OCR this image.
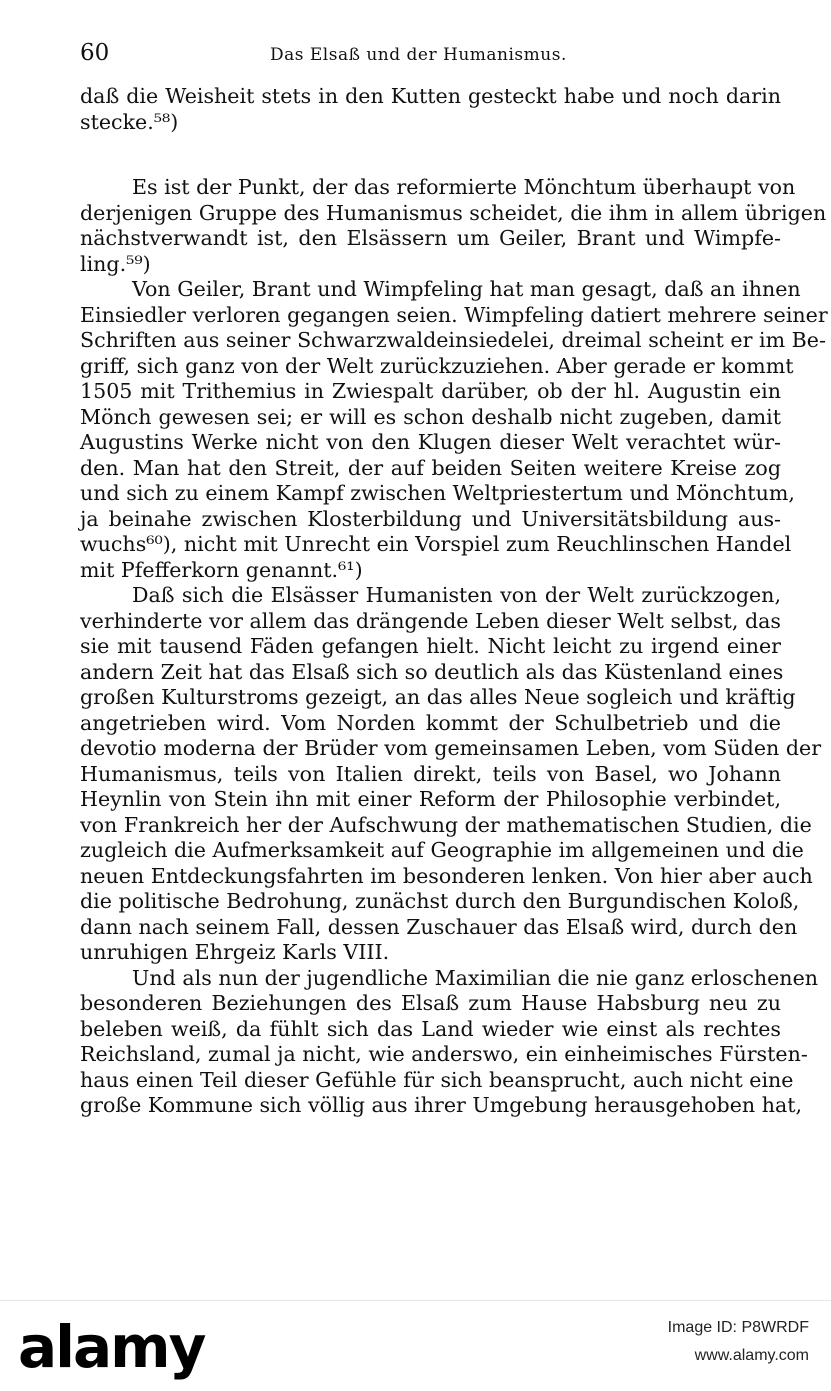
60	Das Elsaß und der Humanismus.
daß die Weisheit stets in den Kutten gesteckt habe und noch darin
stecke.⁵⁸)
Es ist der Punkt, der das reformierte Mönchtum überhaupt von
derjenigen Gruppe des Humanismus scheidet, die ihm in allem übrigen
nächstverwandt ist, den Elsässern um Geiler, Brant und Wimpfe-
ling.⁵⁹)
Von Geiler, Brant und Wimpfeling hat man gesagt, daß an ihnen
Einsiedler verloren gegangen seien. Wimpfeling datiert mehrere seiner
Schriften aus seiner Schwarzwaldeinsiedelei, dreimal scheint er im Be-
griff, sich ganz von der Welt zurückzuziehen. Aber gerade er kommt
1505 mit Trithemius in Zwiespalt darüber, ob der hl. Augustin ein
Mönch gewesen sei; er will es schon deshalb nicht zugeben, damit
Augustins Werke nicht von den Klugen dieser Welt verachtet wür-
den. Man hat den Streit, der auf beiden Seiten weitere Kreise zog
und sich zu einem Kampf zwischen Weltpriestertum und Mönchtum,
ja beinahe zwischen Klosterbildung und Universitätsbildung aus-
wuchs⁶⁰), nicht mit Unrecht ein Vorspiel zum Reuchlinschen Handel
mit Pfefferkorn genannt.⁶¹)
Daß sich die Elsässer Humanisten von der Welt zurückzogen,
verhinderte vor allem das drängende Leben dieser Welt selbst, das
sie mit tausend Fäden gefangen hielt. Nicht leicht zu irgend einer
andern Zeit hat das Elsaß sich so deutlich als das Küstenland eines
großen Kulturstroms gezeigt, an das alles Neue sogleich und kräftig
angetrieben wird. Vom Norden kommt der Schulbetrieb und die
devotio moderna der Brüder vom gemeinsamen Leben, vom Süden der
Humanismus, teils von Italien direkt, teils von Basel, wo Johann
Heynlin von Stein ihn mit einer Reform der Philosophie verbindet,
von Frankreich her der Aufschwung der mathematischen Studien, die
zugleich die Aufmerksamkeit auf Geographie im allgemeinen und die
neuen Entdeckungsfahrten im besonderen lenken. Von hier aber auch
die politische Bedrohung, zunächst durch den Burgundischen Koloß,
dann nach seinem Fall, dessen Zuschauer das Elsaß wird, durch den
unruhigen Ehrgeiz Karls VIII.
Und als nun der jugendliche Maximilian die nie ganz erloschenen
besonderen Beziehungen des Elsaß zum Hause Habsburg neu zu
beleben weiß, da fühlt sich das Land wieder wie einst als rechtes
Reichsland, zumal ja nicht, wie anderswo, ein einheimisches Fürsten-
haus einen Teil dieser Gefühle für sich beansprucht, auch nicht eine
große Kommune sich völlig aus ihrer Umgebung herausgehoben hat,
alamy	Image ID: P8WRDF
www.alamy.com
